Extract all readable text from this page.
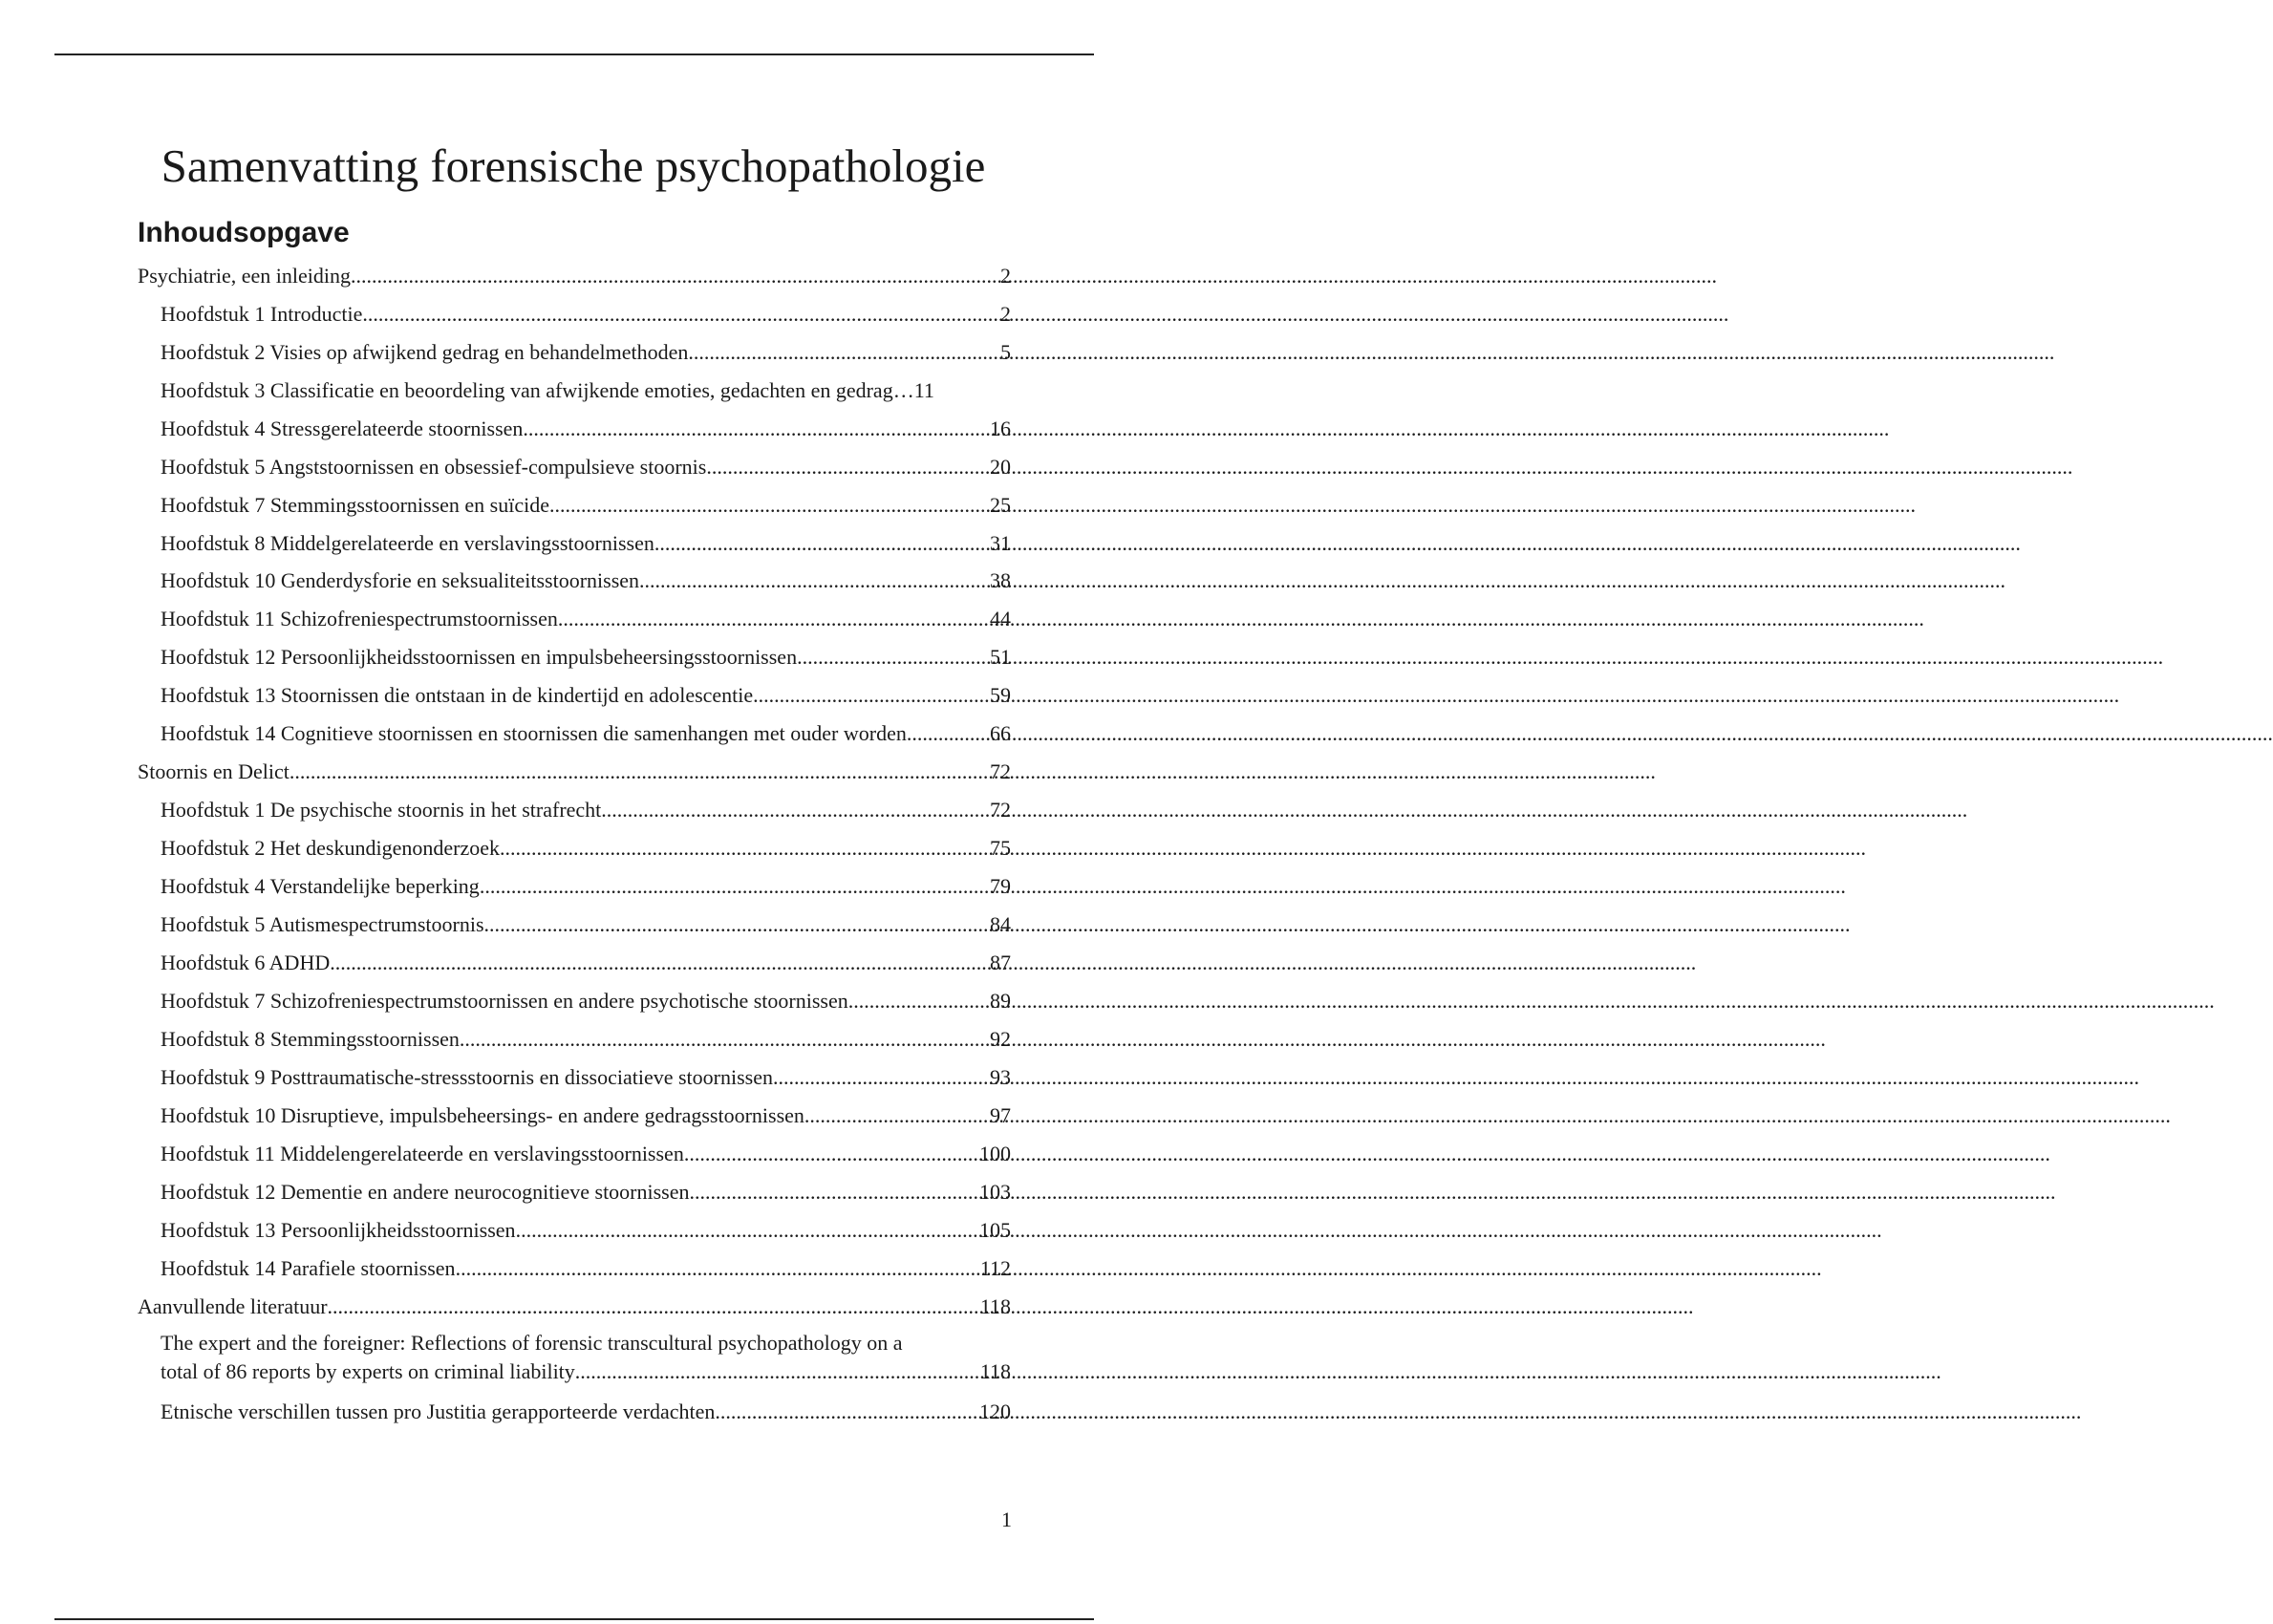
Samenvatting forensische psychopathologie
Inhoudsopgave
Psychiatrie, een inleiding .....	2
Hoofdstuk 1 Introductie .....	2
Hoofdstuk 2 Visies op afwijkend gedrag en behandelmethoden .....	5
Hoofdstuk 3 Classificatie en beoordeling van afwijkende emoties, gedachten en gedrag… 11
Hoofdstuk 4 Stressgerelateerde stoornissen .....	16
Hoofdstuk 5 Angststoornissen en obsessief-compulsieve stoornis .....	20
Hoofdstuk 7 Stemmingsstoornissen en suïcide .....	25
Hoofdstuk 8 Middelgerelateerde en verslavingsstoornissen .....	31
Hoofdstuk 10 Genderdysforie en seksualiteitsstoornissen .....	38
Hoofdstuk 11 Schizofreniespectrumstoornissen .....	44
Hoofdstuk 12 Persoonlijkheidsstoornissen en impulsbeheersingsstoornissen .....	51
Hoofdstuk 13 Stoornissen die ontstaan in de kindertijd en adolescentie .....	59
Hoofdstuk 14 Cognitieve stoornissen en stoornissen die samenhangen met ouder worden .....	66
Stoornis en Delict .....	72
Hoofdstuk 1 De psychische stoornis in het strafrecht .....	72
Hoofdstuk 2 Het deskundigenonderzoek .....	75
Hoofdstuk 4 Verstandelijke beperking .....	79
Hoofdstuk 5 Autismespectrumstoornis .....	84
Hoofdstuk 6 ADHD .....	87
Hoofdstuk 7 Schizofreniespectrumstoornissen en andere psychotische stoornissen .....	89
Hoofdstuk 8 Stemmingsstoornissen .....	92
Hoofdstuk 9 Posttraumatische-stressstoornis en dissociatieve stoornissen .....	93
Hoofdstuk 10 Disruptieve, impulsbeheersings- en andere gedragsstoornissen .....	97
Hoofdstuk 11 Middelengerelateerde en verslavingsstoornissen .....	100
Hoofdstuk 12 Dementie en andere neurocognitieve stoornissen .....	103
Hoofdstuk 13 Persoonlijkheidsstoornissen .....	105
Hoofdstuk 14 Parafiele stoornissen .....	112
Aanvullende literatuur .....	118
The expert and the foreigner: Reflections of forensic transcultural psychopathology on a
total of 86 reports by experts on criminal liability .....	118
Etnische verschillen tussen pro Justitia gerapporteerde verdachten .....	120
1
